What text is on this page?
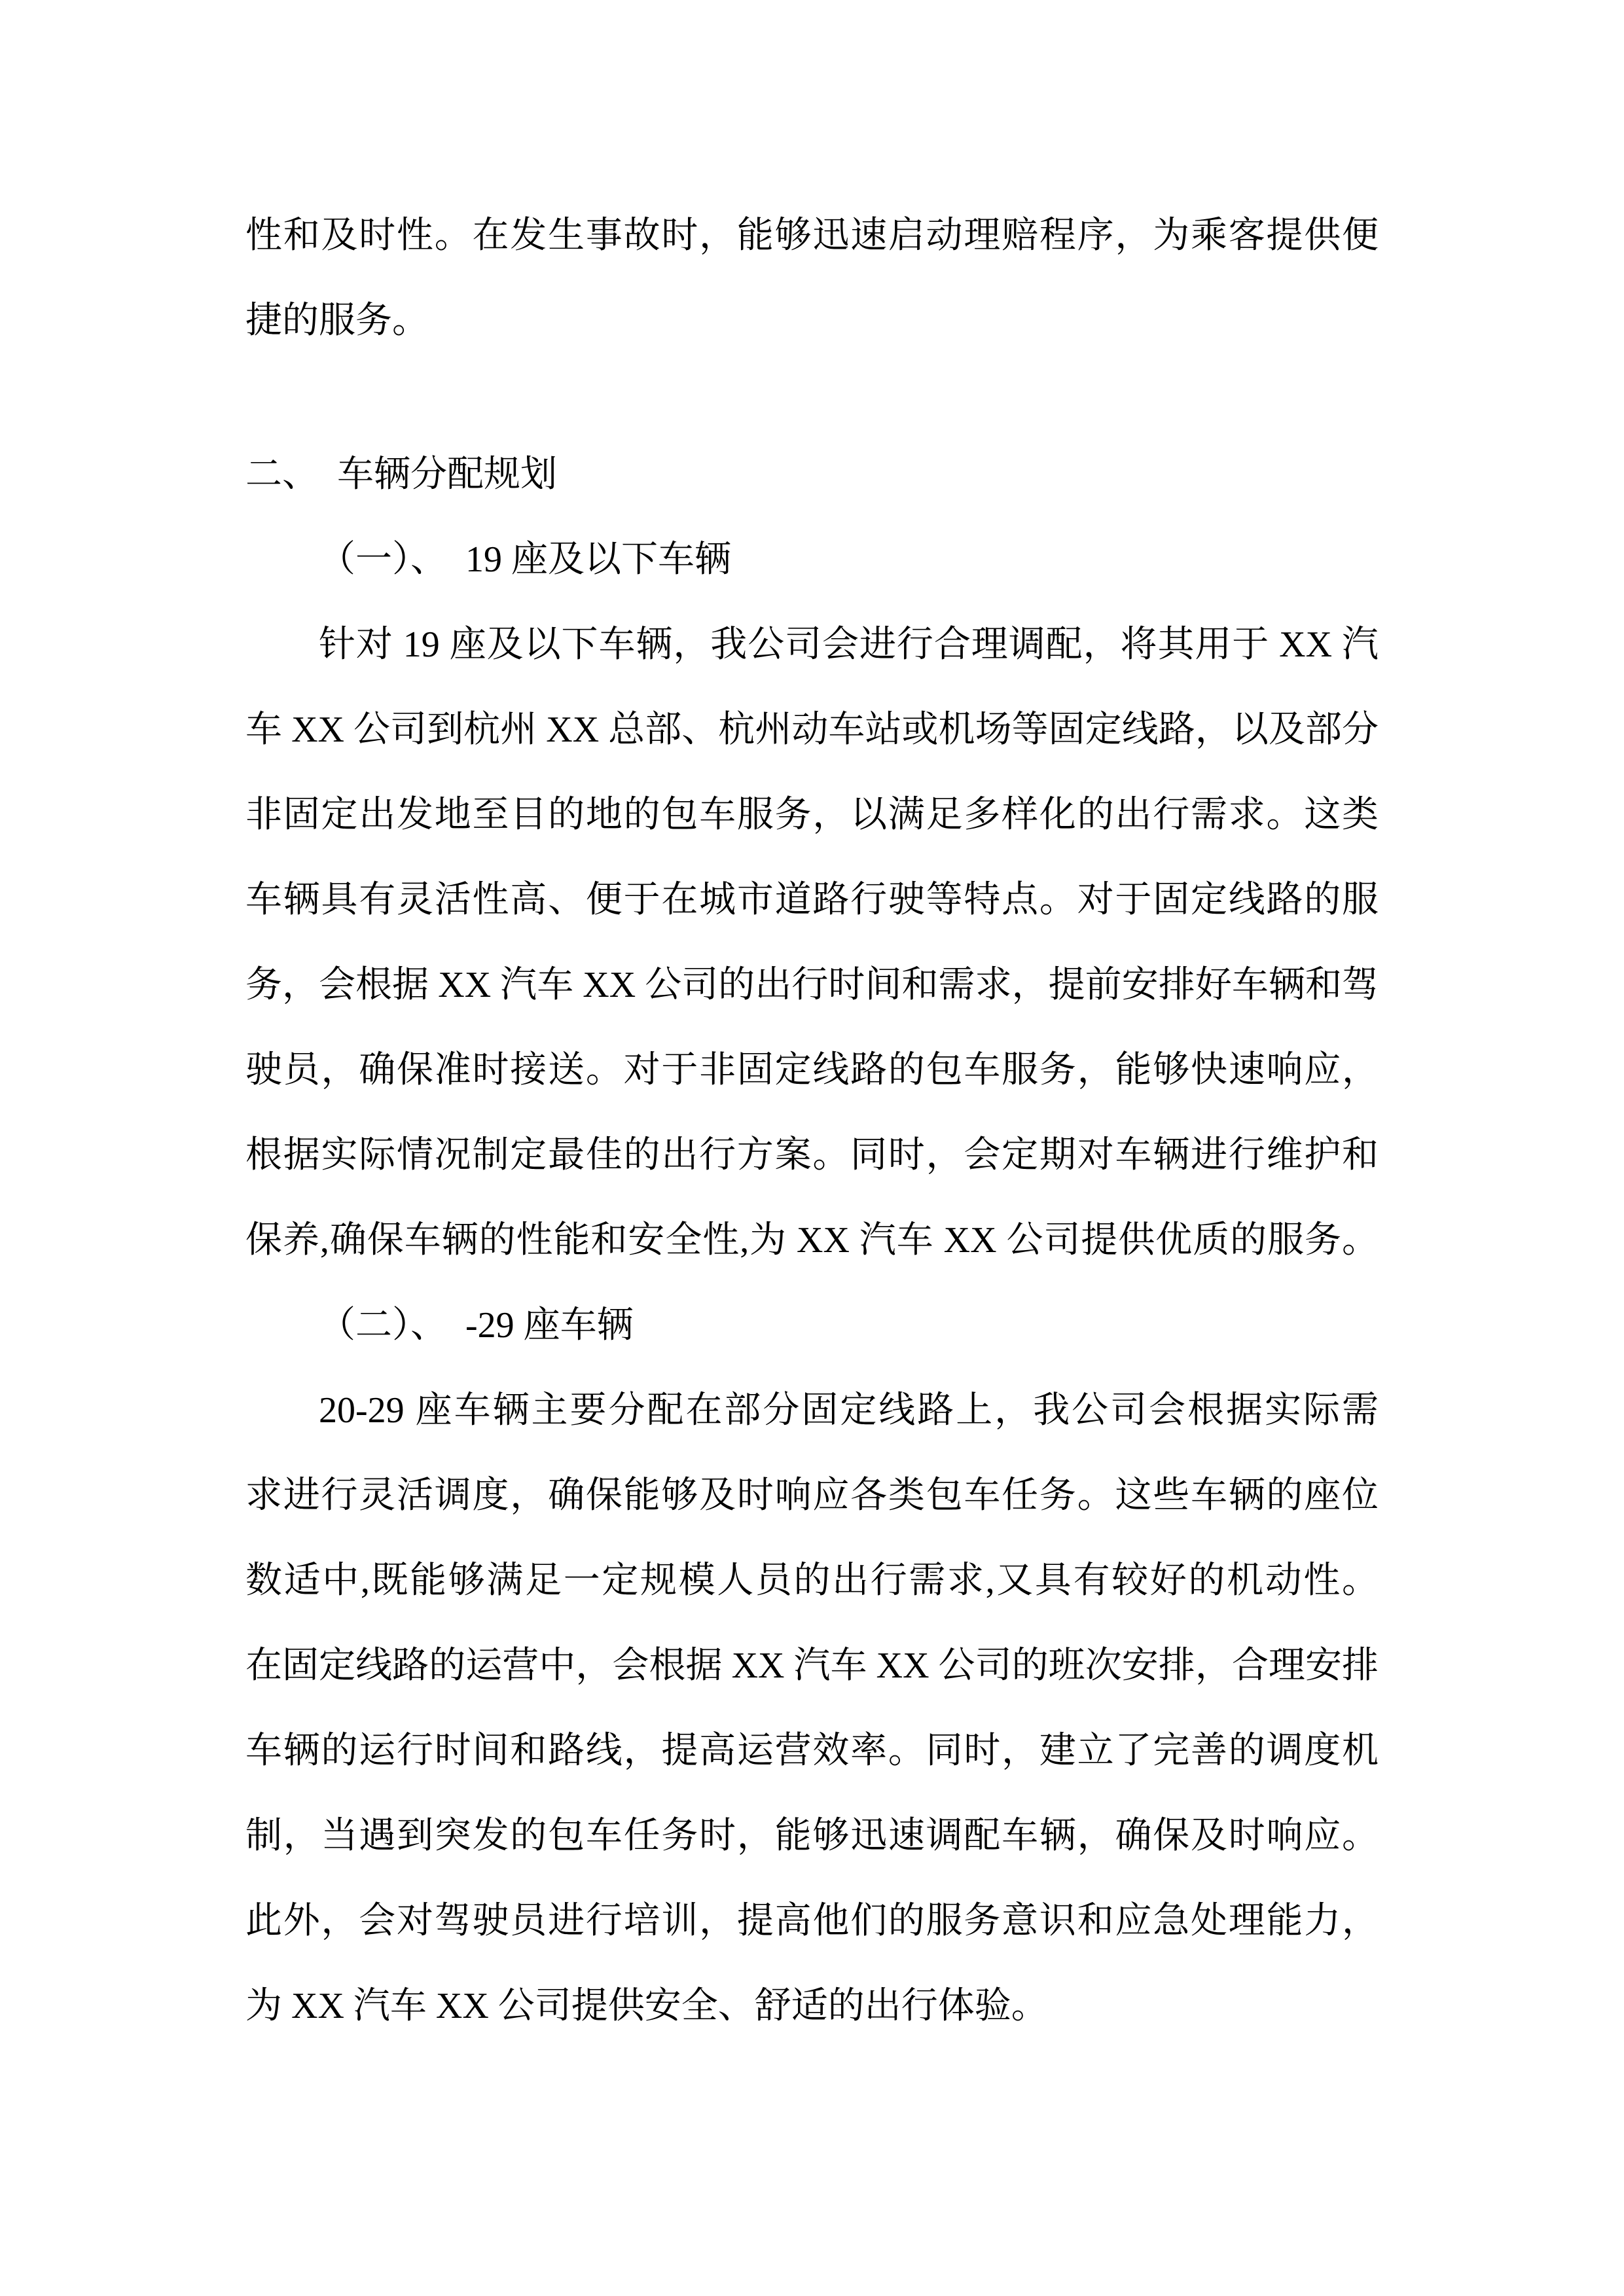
性和及时性。在发生事故时，能够迅速启动理赔程序，为乘客提供便
捷的服务。
二、　车辆分配规划
（一）、　19 座及以下车辆
针对 19 座及以下车辆，我公司会进行合理调配，将其用于 XX 汽
车 XX 公司到杭州 XX 总部、杭州动车站或机场等固定线路，以及部分
非固定出发地至目的地的包车服务，以满足多样化的出行需求。这类
车辆具有灵活性高、便于在城市道路行驶等特点。对于固定线路的服
务，会根据 XX 汽车 XX 公司的出行时间和需求，提前安排好车辆和驾
驶员，确保准时接送。对于非固定线路的包车服务，能够快速响应，
根据实际情况制定最佳的出行方案。同时，会定期对车辆进行维护和
保养,确保车辆的性能和安全性,为 XX 汽车 XX 公司提供优质的服务。
（二）、　-29 座车辆
20-29 座车辆主要分配在部分固定线路上，我公司会根据实际需
求进行灵活调度，确保能够及时响应各类包车任务。这些车辆的座位
数适中,既能够满足一定规模人员的出行需求,又具有较好的机动性。
在固定线路的运营中，会根据 XX 汽车 XX 公司的班次安排，合理安排
车辆的运行时间和路线，提高运营效率。同时，建立了完善的调度机
制，当遇到突发的包车任务时，能够迅速调配车辆，确保及时响应。
此外，会对驾驶员进行培训，提高他们的服务意识和应急处理能力，
为 XX 汽车 XX 公司提供安全、舒适的出行体验。
